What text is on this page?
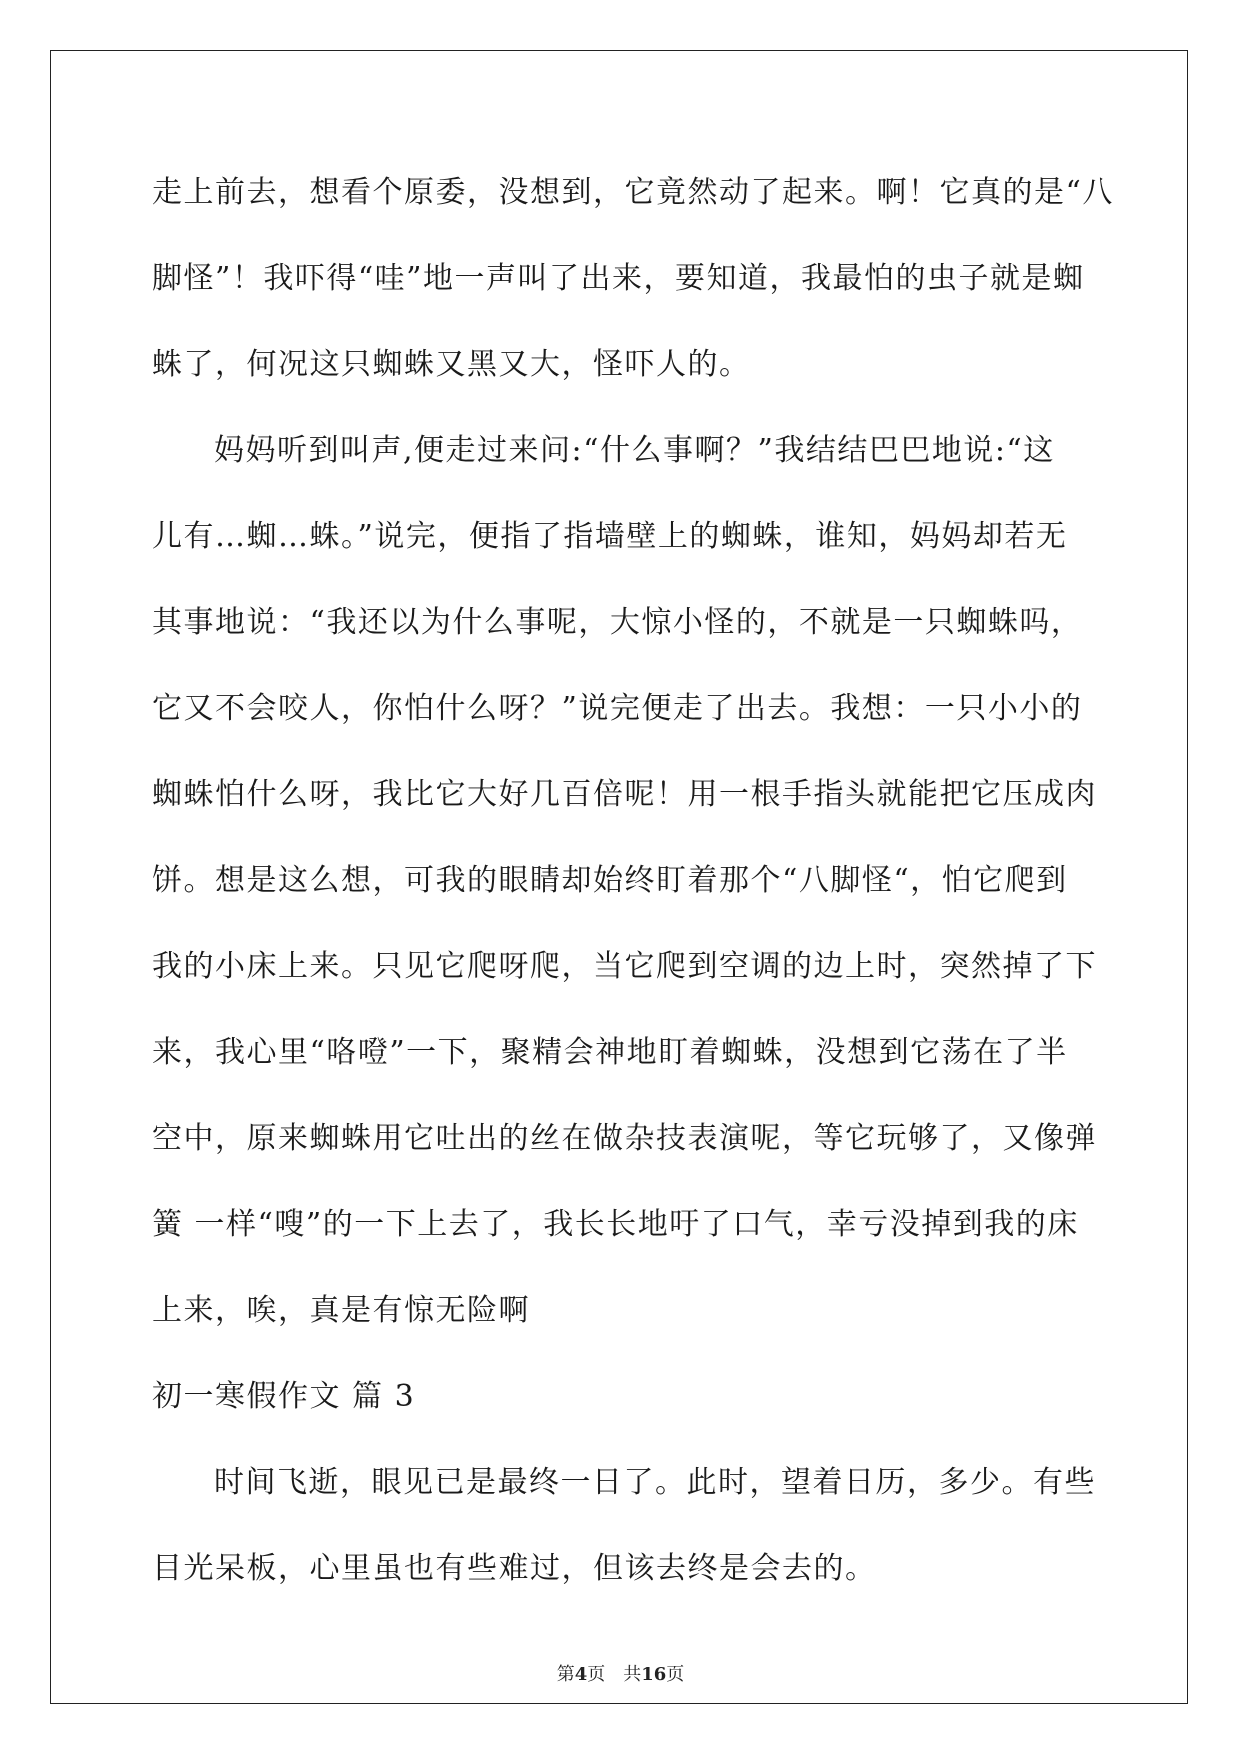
走上前去，想看个原委，没想到，它竟然动了起来。啊！它真的是“八
脚怪”！我吓得“哇”地一声叫了出来，要知道，我最怕的虫子就是蜘
蛛了，何况这只蜘蛛又黑又大，怪吓人的。
妈妈听到叫声,便走过来问:“什么事啊？”我结结巴巴地说:“这
儿有…蜘…蛛。”说完，便指了指墙壁上的蜘蛛，谁知，妈妈却若无
其事地说：“我还以为什么事呢，大惊小怪的，不就是一只蜘蛛吗，
它又不会咬人，你怕什么呀？”说完便走了出去。我想：一只小小的
蜘蛛怕什么呀，我比它大好几百倍呢！用一根手指头就能把它压成肉
饼。想是这么想，可我的眼睛却始终盯着那个“八脚怪“，怕它爬到
我的小床上来。只见它爬呀爬，当它爬到空调的边上时，突然掉了下
来，我心里“咯噔”一下，聚精会神地盯着蜘蛛，没想到它荡在了半
空中，原来蜘蛛用它吐出的丝在做杂技表演呢，等它玩够了，又像弹
簧 一样“嗖”的一下上去了，我长长地吁了口气，幸亏没掉到我的床
上来，唉，真是有惊无险啊
初一寒假作文 篇 3
时间飞逝，眼见已是最终一日了。此时，望着日历，多少。有些
目光呆板，心里虽也有些难过，但该去终是会去的。
第4页　共16页
